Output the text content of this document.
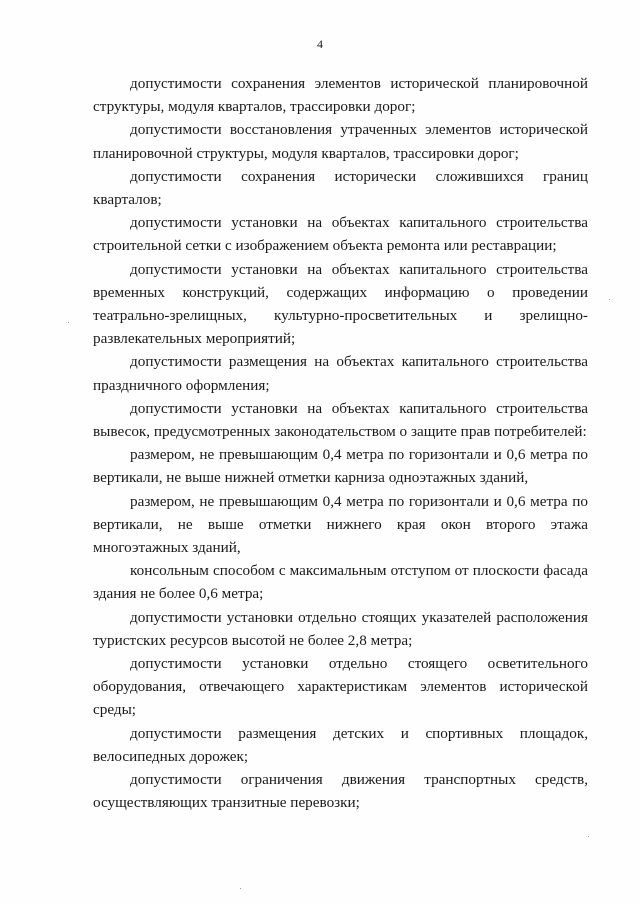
4

допустимости сохранения элементов исторической планировочной структуры, модуля кварталов, трассировки дорог;

допустимости восстановления утраченных элементов исторической планировочной структуры, модуля кварталов, трассировки дорог;

допустимости сохранения исторически сложившихся границ кварталов;

допустимости установки на объектах капитального строительства строительной сетки с изображением объекта ремонта или реставрации;

допустимости установки на объектах капитального строительства временных конструкций, содержащих информацию о проведении театрально-зрелищных, культурно-просветительных и зрелищно-развлекательных мероприятий;

допустимости размещения на объектах капитального строительства праздничного оформления;

допустимости установки на объектах капитального строительства вывесок, предусмотренных законодательством о защите прав потребителей:

размером, не превышающим 0,4 метра по горизонтали и 0,6 метра по вертикали, не выше нижней отметки карниза одноэтажных зданий,

размером, не превышающим 0,4 метра по горизонтали и 0,6 метра по вертикали, не выше отметки нижнего края окон второго этажа многоэтажных зданий,

консольным способом с максимальным отступом от плоскости фасада здания не более 0,6 метра;

допустимости установки отдельно стоящих указателей расположения туристских ресурсов высотой не более 2,8 метра;

допустимости установки отдельно стоящего осветительного оборудования, отвечающего характеристикам элементов исторической среды;

допустимости размещения детских и спортивных площадок, велосипедных дорожек;

допустимости ограничения движения транспортных средств, осуществляющих транзитные перевозки;
